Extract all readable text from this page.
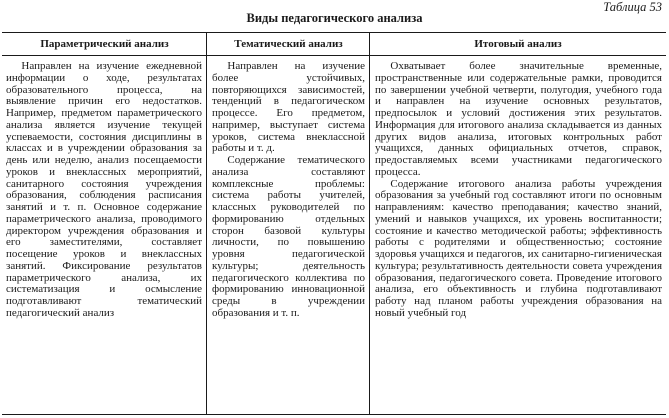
Таблица 53
Виды педагогического анализа
Параметрический анализ	Тематический анализ	Итоговый анализ

Направлен на изучение ежедневной информации о ходе, результатах образовательного процесса, на выявление причин его недостатков. Например, предметом параметрического анализа является изучение текущей успеваемости, состояния дисциплины в классах и в учреждении образования за день или неделю, анализ посещаемости уроков и внеклассных мероприятий, санитарного состояния учреждения образования, соблюдения расписания занятий и т. п. Основное содержание параметрического анализа, проводимого директором учреждения образования и его заместителями, составляет посещение уроков и внеклассных занятий. Фиксирование результатов параметрического анализа, их систематизация и осмысление подготавливают тематический педагогический анализ

Направлен на изучение более устойчивых, повторяющихся зависимостей, тенденций в педагогическом процессе. Его предметом, например, выступает система уроков, система внеклассной работы и т. д.

Содержание тематического анализа составляют комплексные проблемы: система работы учителей, классных руководителей по формированию отдельных сторон базовой культуры личности, по повышению уровня педагогической культуры; деятельность педагогического коллектива по формированию инновационной среды в учреждении образования и т. п.

Охватывает более значительные временные, пространственные или содержательные рамки, проводится по завершении учебной четверти, полугодия, учебного года и направлен на изучение основных результатов, предпосылок и условий достижения этих результатов. Информация для итогового анализа складывается из данных других видов анализа, итоговых контрольных работ учащихся, данных официальных отчетов, справок, предоставляемых всеми участниками педагогического процесса.

Содержание итогового анализа работы учреждения образования за учебный год составляют итоги по основным направлениям: качество преподавания; качество знаний, умений и навыков учащихся, их уровень воспитанности; состояние и качество методической работы; эффективность работы с родителями и общественностью; состояние здоровья учащихся и педагогов, их санитарно-гигиеническая культура; результативность деятельности совета учреждения образования, педагогического совета. Проведение итогового анализа, его объективность и глубина подготавливают работу над планом работы учреждения образования на новый учебный год
